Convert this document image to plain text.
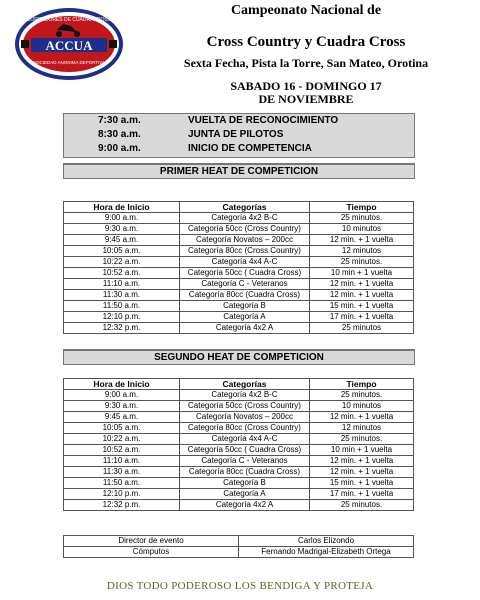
CORREDORES DE CUADRACROSS
ACCUA
SOCIEDAD ANONIMA DEPORTIVA
Campeonato Nacional de
Cross Country y Cuadra Cross
Sexta Fecha, Pista la Torre, San Mateo, Orotina
SABADO 16 - DOMINGO 17
DE NOVIEMBRE
7:30 a.m.	VUELTA DE RECONOCIMIENTO
8:30 a.m.	JUNTA DE PILOTOS
9:00 a.m.	INICIO DE COMPETENCIA
PRIMER HEAT DE COMPETICION
Hora de Inicio	Categorías	Tiempo
9:00 a.m.	Categoría 4x2 B-C	25 minutos.
9:30 a.m.	Categoría 50cc (Cross Country)	10 minutos
9:45 a.m.	Categoría Novatos – 200cc	12 min. + 1 vuelta
10:05 a.m.	Categoría 80cc (Cross Country)	12 minutos
10:22 a.m.	Categoría 4x4 A-C	25 minutos.
10:52 a.m.	Categoría 50cc ( Cuadra Cross)	10 min + 1 vuelta
11:10 a.m.	Categoría C - Veteranos	12 min. + 1 vuelta
11:30 a.m.	Categoría 80cc (Cuadra Cross)	12 min. + 1 vuelta
11:50 a.m.	Categoría B	15 min. + 1 vuelta
12:10 p.m.	Categoría A	17 min. + 1 vuelta
12:32 p.m.	Categoría 4x2 A	25 minutos
SEGUNDO HEAT DE COMPETICION
Hora de Inicio	Categorías	Tiempo
9:00 a.m.	Categoría 4x2 B-C	25 minutos.
9:30 a.m.	Categoría 50cc (Cross Country)	10 minutos
9:45 a.m.	Categoría Novatos – 200cc	12 min. + 1 vuelta
10:05 a.m.	Categoría 80cc (Cross Country)	12 minutos
10:22 a.m.	Categoría 4x4 A-C	25 minutos.
10:52 a.m.	Categoría 50cc ( Cuadra Cross)	10 min + 1 vuelta
11:10 a.m.	Categoría C - Veteranos	12 min. + 1 vuelta
11:30 a.m.	Categoría 80cc (Cuadra Cross)	12 min. + 1 vuelta
11:50 a.m.	Categoría B	15 min. + 1 vuelta
12:10 p.m.	Categoría A	17 min. + 1 vuelta
12:32 p.m.	Categoría 4x2 A	25 minutos.
Director de evento	Carlos Elizondo
Cómputos	Fernando Madrigal-Elizabeth Ortega
DIOS TODO PODEROSO LOS BENDIGA Y PROTEJA
